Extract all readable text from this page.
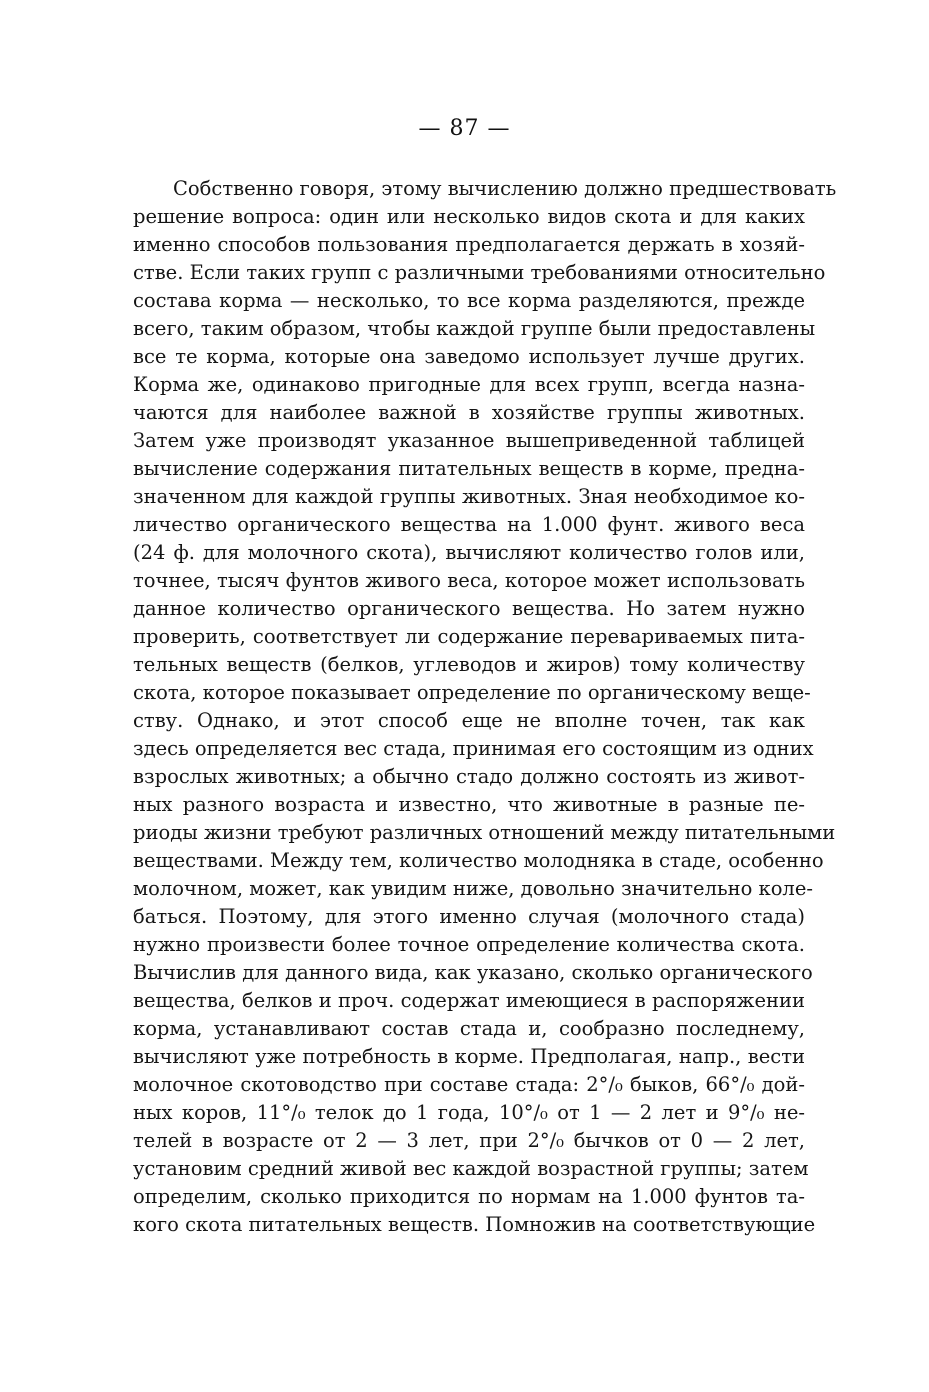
— 87 —
Собственно говоря, этому вычислению должно предшествовать
решение вопроса: один или несколько видов скота и для каких
именно способов пользования предполагается держать в хозяй-
стве. Если таких групп с различными требованиями относительно
состава корма — несколько, то все корма разделяются, прежде
всего, таким образом, чтобы каждой группе были предоставлены
все те корма, которые она заведомо использует лучше других.
Корма же, одинаково пригодные для всех групп, всегда назна-
чаются для наиболее важной в хозяйстве группы животных.
Затем уже производят указанное вышеприведенной таблицей
вычисление содержания питательных веществ в корме, предна-
значенном для каждой группы животных. Зная необходимое ко-
личество органического вещества на 1.000 фунт. живого веса
(24 ф. для молочного скота), вычисляют количество голов или,
точнее, тысяч фунтов живого веса, которое может использовать
данное количество органического вещества. Но затем нужно
проверить, соответствует ли содержание перевариваемых пита-
тельных веществ (белков, углеводов и жиров) тому количеству
скота, которое показывает определение по органическому веще-
ству. Однако, и этот способ еще не вполне точен, так как
здесь определяется вес стада, принимая его состоящим из одних
взрослых животных; а обычно стадо должно состоять из живот-
ных разного возраста и известно, что животные в разные пе-
риоды жизни требуют различных отношений между питательными
веществами. Между тем, количество молодняка в стаде, особенно
молочном, может, как увидим ниже, довольно значительно коле-
баться. Поэтому, для этого именно случая (молочного стада)
нужно произвести более точное определение количества скота.
Вычислив для данного вида, как указано, сколько органического
вещества, белков и проч. содержат имеющиеся в распоряжении
корма, устанавливают состав стада и, сообразно последнему,
вычисляют уже потребность в корме. Предполагая, напр., вести
молочное скотоводство при составе стада: 2°/₀ быков, 66°/₀ дой-
ных коров, 11°/₀ телок до 1 года, 10°/₀ от 1 — 2 лет и 9°/₀ не-
телей в возрасте от 2 — 3 лет, при 2°/₀ бычков от 0 — 2 лет,
установим средний живой вес каждой возрастной группы; затем
определим, сколько приходится по нормам на 1.000 фунтов та-
кого скота питательных веществ. Помножив на соответствующие
